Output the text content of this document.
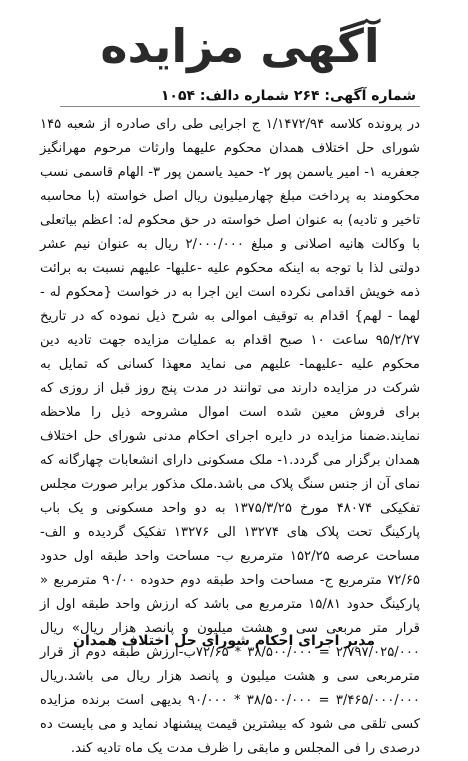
آگهی مزایده
شماره آگهی: ۲۶۴ شماره دالف: ۱۰۵۴
در پرونده کلاسه ۱/۱۴۷۲/۹۴ ج اجرایی طی رای صادره از شعبه ۱۴۵ شورای حل اختلاف همدان محکوم علیهما وارثات مرحوم مهرانگیز جعفریه ۱- امیر یاسمن پور ۲- حمید یاسمن پور ۳- الهام قاسمی نسب محکومند به پرداخت مبلغ چهارمیلیون ریال اصل خواسته (با محاسبه تاخیر و تادیه) به عنوان اصل خواسته در حق محکوم له: اعظم بیاتعلی با وکالت هانیه اصلانی و مبلغ ۲/۰۰۰/۰۰۰ ریال به عنوان نیم عشر دولتی لذا با توجه به اینکه محکوم علیه -علیها- علیهم نسبت به برائت ذمه خویش اقدامی نکرده است این اجرا به در خواست {محکوم له - لهما - لهم} اقدام به توقیف اموالی به شرح ذیل نموده که در تاریخ ۹۵/۲/۲۷ ساعت ۱۰ صبح اقدام به عملیات مزایده جهت تادیه دین محکوم علیه -علیهما- علیهم می نماید معهذا کسانی که تمایل به شرکت در مزایده دارند می توانند در مدت پنج روز قبل از روزی که برای فروش معین شده است اموال مشروحه ذیل را ملاحظه نمایند.ضمنا مزایده در دایره اجرای احکام مدنی شورای حل اختلاف همدان برگزار می گردد.۱- ملک مسکونی دارای انشعابات چهارگانه که نمای آن از جنس سنگ پلاک می باشد.ملک مذکور برابر صورت مجلس تفکیکی ۴۸۰۷۴ مورخ ۱۳۷۵/۳/۲۵ به دو واحد مسکونی و یک باب پارکینگ تحت پلاک های ۱۳۲۷۴ الی ۱۳۲۷۶ تفکیک گردیده و الف- مساحت عرصه ۱۵۲/۲۵ مترمربع ب- مساحت واحد طبقه اول حدود ۷۲/۶۵ مترمربع ج- مساحت واحد طبقه دوم حدوده ۹۰/۰۰ مترمربع « پارکینگ حدود ۱۵/۸۱ مترمربع می باشد که ارزش واحد طبقه اول از قرار متر مربعی سی و هشت میلیون و پانصد هزار ریال» ریال ۲/۷۹۷/۰۲۵/۰۰۰ = ۳۸/۵۰۰/۰۰۰ * ۷۲/۶۵ب-ارزش طبقه دوم از قرار مترمربعی سی و هشت میلیون و پانصد هزار ریال می باشد.ریال ۳/۴۶۵/۰۰۰/۰۰۰ = ۳۸/۵۰۰/۰۰۰ * ۹۰/۰۰۰ بدیهی است برنده مزایده کسی تلقی می شود که بیشترین قیمت پیشنهاد نماید و می بایست ده درصدی را فی المجلس و مابقی را ظرف مدت یک ماه تادیه کند.
مدیر اجرای احکام شورای حل اختلاف همدان
